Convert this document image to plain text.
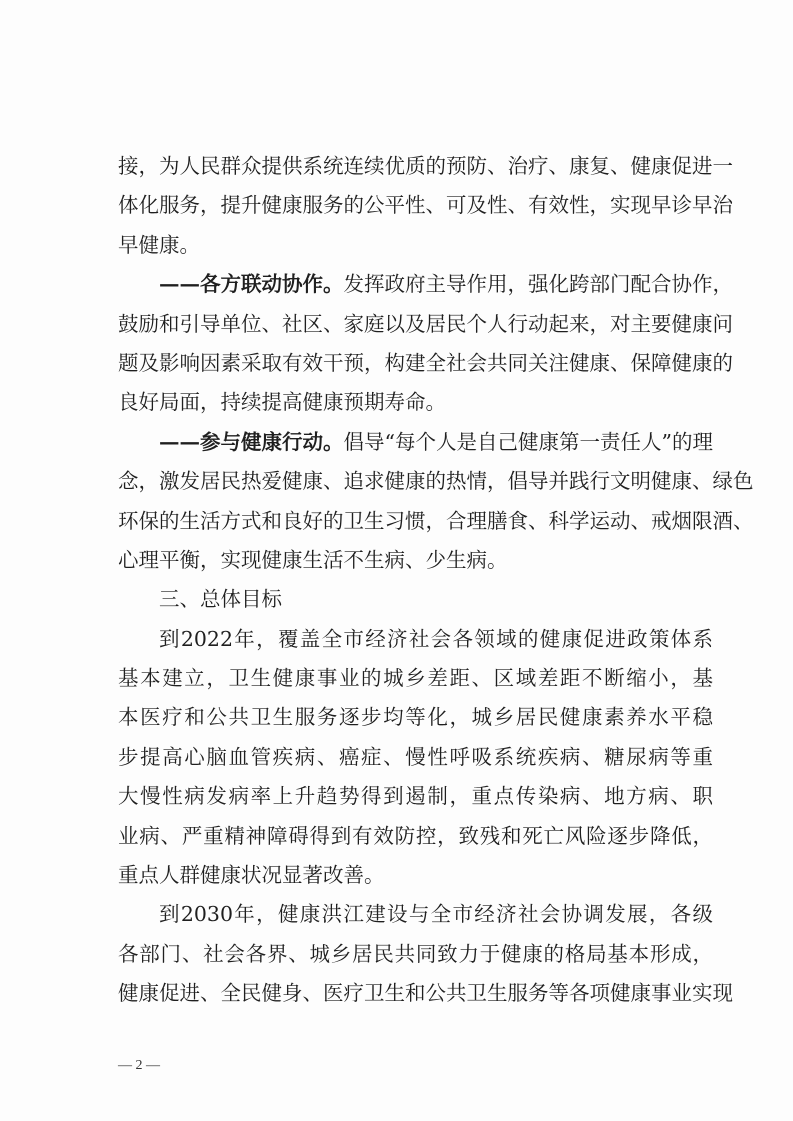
接，为人民群众提供系统连续优质的预防、治疗、康复、健康促进一
体化服务，提升健康服务的公平性、可及性、有效性，实现早诊早治
早健康。
——各方联动协作。发挥政府主导作用，强化跨部门配合协作，
鼓励和引导单位、社区、家庭以及居民个人行动起来，对主要健康问
题及影响因素采取有效干预，构建全社会共同关注健康、保障健康的
良好局面，持续提高健康预期寿命。
——参与健康行动。倡导“每个人是自己健康第一责任人”的理
念，激发居民热爱健康、追求健康的热情，倡导并践行文明健康、绿色
环保的生活方式和良好的卫生习惯，合理膳食、科学运动、戒烟限酒、
心理平衡，实现健康生活不生病、少生病。
三、总体目标
到2022年，覆盖全市经济社会各领域的健康促进政策体系
基本建立，卫生健康事业的城乡差距、区域差距不断缩小，基
本医疗和公共卫生服务逐步均等化，城乡居民健康素养水平稳
步提高心脑血管疾病、癌症、慢性呼吸系统疾病、糖尿病等重
大慢性病发病率上升趋势得到遏制，重点传染病、地方病、职
业病、严重精神障碍得到有效防控，致残和死亡风险逐步降低，
重点人群健康状况显著改善。
到2030年，健康洪江建设与全市经济社会协调发展，各级
各部门、社会各界、城乡居民共同致力于健康的格局基本形成，
健康促进、全民健身、医疗卫生和公共卫生服务等各项健康事业实现
— 2 —
